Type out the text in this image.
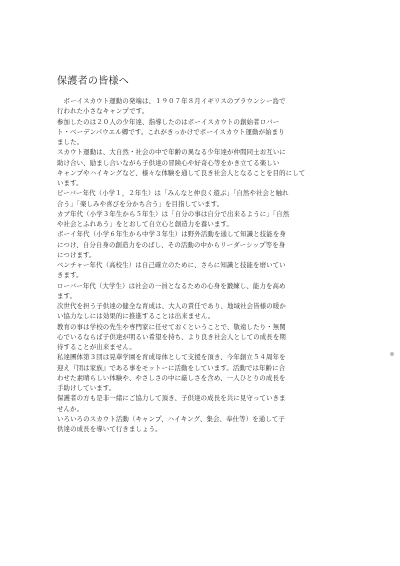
保護者の皆様へ
　ボーイスカウト運動の発端は、１９０７年８月イギリスのブラウンシー島で
行われた小さなキャンプです。
参加したのは２０人の少年達、指導したのはボーイスカウトの創始者ロバー
ト・ベーデンパウエル卿です。これがきっかけでボーイスカウト運動が始まり
ました。
スカウト運動は、大自然・社会の中で年齢の異なる少年達が仲間同士お互いに
助け合い、励まし合いながら子供達の冒険心や好奇心等をかき立てる楽しい
キャンプやハイキングなど、様々な体験を通して良き社会人となることを目的にして
います。
ビーバー年代（小学１，２年生）は「みんなと仲良く遊ぶ」「自然や社会と触れ
合う」「楽しみや喜びを分かち合う」を目指しています。
カブ年代（小学３年生から５年生）は「自分の事は自分で出来るように」「自然
や社会とふれあう」をとおして自立心と創造力を養います。
ボーイ年代（小学６年生から中学３年生）は野外活動を通して知識と技能を身
につけ、自分自身の創造力をのばし、その活動の中からリーダーシップ等を身
につけます。
ベンチャー年代（高校生）は自己確立のために、さらに知識と技能を磨いてい
きます。
ローバー年代（大学生）は社会の一員となるための心身を鍛練し、能力を高め
ます。
次世代を担う子供達の健全な育成は、大人の責任であり、地域社会皆様の暖か
い協力なしには効果的に推進することは出来ません。
教育の事は学校の先生や専門家に任せておくということで、敬遠したり・無関
心でいるならば子供達が明るい希望を持ち、より良き社会人としての成長を期
待することが出来ません。
私達團体第３団は晃華学園を育成母体として支援を頂き、今年創立５４周年を
迎え『団は家族』である事をモットーに活動をしています。活動では年齢に合
わせた素晴らしい体験や、やさしさの中に厳しさを含め、一人ひとりの成長を
手助けしています。
保護者の方も是非一緒にご協力して頂き、子供達の成長を共に見守っていきま
せんか。
いろいろのスカウト活動（キャンプ、ハイキング、集会、奉仕等）を通して子
供達の成長を導いて行きましょう。
